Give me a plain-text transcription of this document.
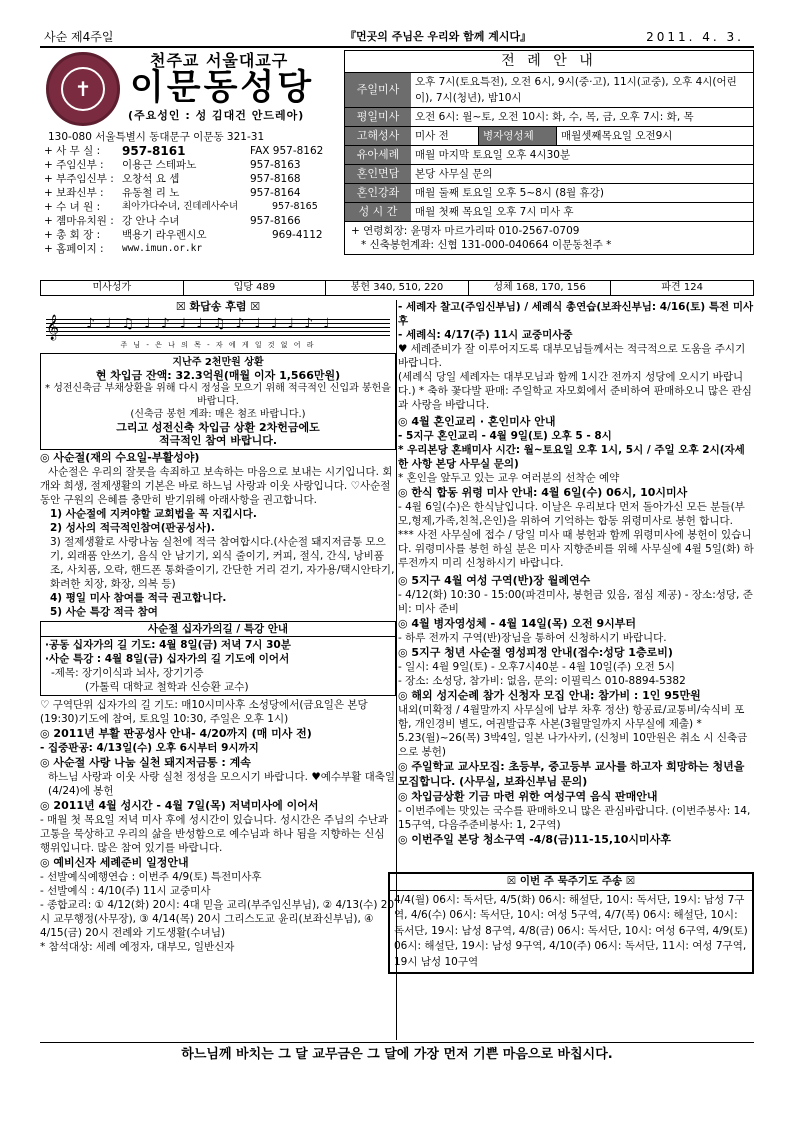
사순 제4주일	『먼곳의 주님은 우리와 함께 계시다』	2011. 4. 3.
✝
천주교 서울대교구
이문동성당
(주요성인 : 성 김대건 안드레아)
130-080 서울특별시 동대문구 이문동 321-31
+ 사 무 실 : 957-8161	FAX 957-8162
+ 주임신부 : 이용근 스테파노	957-8163
+ 부주임신부 : 오창석 요 셉	957-8168
+ 보좌신부 : 유동철 리 노	957-8164
+ 수 녀 원 : 최아가다수녀, 진데레사수녀	957-8165
+ 젬마유치원 : 강 안나 수녀	957-8166
+ 총 회 장 : 백용기 라우렌시오	969-4112
+ 홈페이지 : www.imun.or.kr
전 례 안 내
주일미사
오후 7시(토요특전), 오전 6시, 9시(중·고), 11시(교중), 오후 4시(어린이), 7시(청년), 밤10시
평일미사	오전 6시: 월~토, 오전 10시: 화, 수, 목, 금, 오후 7시: 화, 목
고해성사	미사 전	병자영성체	매월셋째목요일 오전9시
유아세례	매월 마지막 토요일 오후 4시30분
혼인면담	본당 사무실 문의
혼인강좌	매월 둘째 토요일 오후 5~8시 (8월 휴강)
성 시 간	매월 첫째 목요일 오후 7시 미사 후
+ 연령회장: 윤명자 마르가리따 010-2567-0709
* 신축봉헌계좌: 신협 131-000-040664 이문동천주 *
미사성가	입당 489	봉헌 340, 510, 220	성체 168, 170, 156	파견 124
☒ 화답송 후렴 ☒
𝄞 ♪♩♫♩♪♩♩♫♪♩♩♩♪♩
주 님 - 은 나 의 목 - 자 에 게 일 것 없 어 라
지난주 2천만원 상환
현 차입금 잔액: 32.3억원(매월 이자 1,566만원)
* 성전신축금 부채상환을 위해 다시 정성을 모으기 위해 적극적인 신입과 봉헌을 바랍니다.
(신축금 봉헌 계좌: 매은 첨조 바랍니다.)
그리고 성전신축 차입금 상환 2차헌금에도
적극적인 참여 바랍니다.
◎ 사순절(재의 수요일-부활성야)
사순절은 우리의 잘못을 속죄하고 보속하는 마음으로 보내는 시기입니다. 회개와 희생, 절제생활의 기본은 바로 하느님 사랑과 이웃 사랑입니다. ♡사순절동안 구원의 은혜를 충만히 받기위해 아래사항을 권고합니다.
1) 사순절에 지켜야할 교회법을 꼭 지킵시다.
2) 성사의 적극적인참여(판공성사).
3) 절제생활로 사랑나눔 실천에 적극 참여합시다.(사순절 돼지저금통 모으기, 외래품 안쓰기, 음식 안 남기기, 외식 줄이기, 커피, 절식, 간식, 낭비품조, 사치품, 오락, 핸드폰 통화줄이기, 간단한 거리 걷기, 자가용/택시안타기, 화려한 치장, 화장, 의복 등)
4) 평일 미사 참여를 적극 권고합니다.
5) 사순 특강 적극 참여
사순절 십자가의길 / 특강 안내
·공동 십자가의 길 기도: 4월 8일(금) 저녁 7시 30분
·사순 특강 : 4월 8일(금) 십자가의 길 기도에 이어서
-제목: 장기이식과 뇌사, 장기기증
(가톨릭 대학교 철학과 신승환 교수)
♡ 구역단위 십자가의 길 기도: 매10시미사후 소성당에서(금요일은 본당(19:30)기도에 참여, 토요일 10:30, 주일은 오후 1시)
◎ 2011년 부활 판공성사 안내- 4/20까지 (매 미사 전)
- 집중판공: 4/13일(수) 오후 6시부터 9시까지
◎ 사순절 사랑 나눔 실천 돼지저금통 : 계속
하느님 사랑과 이웃 사랑 실천 정성을 모으시기 바랍니다. ♥예수부활 대축일(4/24)에 봉헌
◎ 2011년 4월 성시간 - 4월 7일(목) 저녁미사에 이어서
- 매월 첫 목요일 저녁 미사 후에 성시간이 있습니다. 성시간은 주님의 수난과 고통을 묵상하고 우리의 삶을 반성함으로 예수님과 하나 됨을 지향하는 신심 행위입니다. 많은 참여 있기를 바랍니다.
◎ 예비신자 세례준비 일정안내
- 선발예식예행연습 : 이번주 4/9(토) 특전미사후
- 선발예식 : 4/10(주) 11시 교중미사
- 종합교리: ① 4/12(화) 20시: 4대 믿을 교리(부주임신부님), ② 4/13(수) 20시 교무행정(사무장), ③ 4/14(목) 20시 그리스도교 윤리(보좌신부님), ④ 4/15(금) 20시 전례와 기도생활(수녀님)
* 참석대상: 세례 예정자, 대부모, 일반신자
- 세례자 찰고(주임신부님) / 세례식 총연습(보좌신부님: 4/16(토) 특전 미사 후
- 세례식: 4/17(주) 11시 교중미사중
♥ 세례준비가 잘 이루어지도록 대부모님들께서는 적극적으로 도움을 주시기 바랍니다.
(세례식 당일 세례자는 대부모님과 함께 1시간 전까지 성당에 오시기 바랍니다.) * 축하 꽃다발 판매: 주일학교 자모회에서 준비하여 판매하오니 많은 관심과 사랑을 바랍니다.
◎ 4월 혼인교리 · 혼인미사 안내
- 5지구 혼인교리 - 4월 9일(토) 오후 5 - 8시
* 우리본당 혼배미사 시간: 월~토요일 오후 1시, 5시 / 주일 오후 2시(자세한 사항 본당 사무실 문의)
* 혼인을 앞두고 있는 교우 여러분의 선착순 예약
◎ 한식 합동 위령 미사 안내: 4월 6일(수) 06시, 10시미사
- 4월 6일(수)은 한식날입니다. 이날은 우리보다 먼저 돌아가신 모든 분들(부모,형제,가족,친척,은인)을 위하여 기억하는 합동 위령미사로 봉헌 합니다.
*** 사전 사무실에 접수 / 당일 미사 때 봉헌과 함께 위령미사에 봉헌이 있습니다. 위령미사를 봉헌 하실 분은 미사 지향준비를 위해 사무실에 4월 5일(화) 하루전까지 미리 신청하시기 바랍니다.
◎ 5지구 4월 여성 구역(반)장 월례연수
- 4/12(화) 10:30 - 15:00(파견미사, 봉헌금 있음, 점심 제공) - 장소:성당, 준비: 미사 준비
◎ 4월 병자영성체 - 4월 14일(목) 오전 9시부터
- 하루 전까지 구역(반)장님을 통하여 신청하시기 바랍니다.
◎ 5지구 청년 사순절 영성피정 안내(접수:성당 1층로비)
- 일시: 4월 9일(토) - 오후7시40분 - 4월 10일(주) 오전 5시
- 장소: 소성당, 참가비: 없음, 문의: 이필릭스 010-8894-5382
◎ 해외 성지순례 참가 신청자 모집 안내: 참가비 : 1인 95만원
내외(미확정 / 4월말까지 사무실에 납부 차후 정산) 항공료/교통비/숙식비 포함, 개인경비 별도, 여권발급후 사본(3월말일까지 사무실에 제출) * 5.23(월)~26(목) 3박4일, 일본 나가사키, (신청비 10만원은 취소 시 신축금으로 봉헌)
◎ 주일학교 교사모집: 초등부, 중고등부 교사를 하고자 희망하는 청년을 모집합니다. (사무실, 보좌신부님 문의)
◎ 차입금상환 기금 마련 위한 여성구역 음식 판매안내
- 이번주에는 맛있는 국수를 판매하오니 많은 관심바랍니다. (이번주봉사: 14, 15구역, 다음주준비봉사: 1, 2구역)
◎ 이번주일 본당 청소구역 -4/8(금)11-15,10시미사후
☒ 이번 주 묵주기도 주송 ☒
4/4(월) 06시: 독서단, 4/5(화) 06시: 해설단, 10시: 독서단, 19시: 남성 7구역, 4/6(수) 06시: 독서단, 10시: 여성 5구역, 4/7(목) 06시: 해설단, 10시: 독서단, 19시: 남성 8구역, 4/8(금) 06시: 독서단, 10시: 여성 6구역, 4/9(토) 06시: 해설단, 19시: 남성 9구역, 4/10(주) 06시: 독서단, 11시: 여성 7구역, 19시 남성 10구역
하느님께 바치는 그 달 교무금은 그 달에 가장 먼저 기쁜 마음으로 바칩시다.
